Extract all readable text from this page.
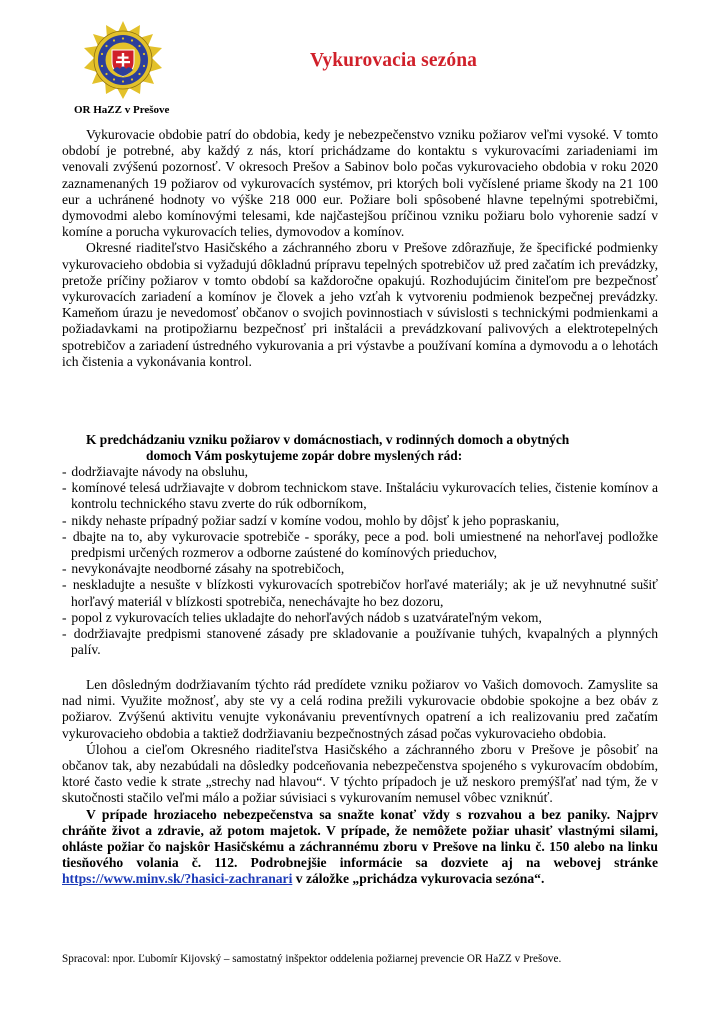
OR HaZZ v Prešove

Vykurovacia sezóna

Vykurovacie obdobie patrí do obdobia, kedy je nebezpečenstvo vzniku požiarov veľmi vysoké. V tomto období je potrebné, aby každý z nás, ktorí prichádzame do kontaktu s vykurovacími zariadeniami im venovali zvýšenú pozornosť. V okresoch Prešov a Sabinov bolo počas vykurovacieho obdobia v roku 2020 zaznamenaných 19 požiarov od vykurovacích systémov, pri ktorých boli vyčíslené priame škody na 21 100 eur a uchránené hodnoty vo výške 218 000 eur. Požiare boli spôsobené hlavne tepelnými spotrebičmi, dymovodmi alebo komínovými telesami, kde najčastejšou príčinou vzniku požiaru bolo vyhorenie sadzí v komíne a porucha vykurovacích telies, dymovodov a komínov.

Okresné riaditeľstvo Hasičského a záchranného zboru v Prešove zdôrazňuje, že špecifické podmienky vykurovacieho obdobia si vyžadujú dôkladnú prípravu tepelných spotrebičov už pred začatím ich prevádzky, pretože príčiny požiarov v tomto období sa každoročne opakujú. Rozhodujúcim činiteľom pre bezpečnosť vykurovacích zariadení a komínov je človek a jeho vzťah k vytvoreniu podmienok bezpečnej prevádzky. Kameňom úrazu je nevedomosť občanov o svojich povinnostiach v súvislosti s technickými podmienkami a požiadavkami na protipožiarnu bezpečnosť pri inštalácii a prevádzkovaní palivových a elektrotepelných spotrebičov a zariadení ústredného vykurovania a pri výstavbe a používaní komína a dymovodu a o lehotách ich čistenia a vykonávania kontrol.

K predchádzaniu vzniku požiarov v domácnostiach, v rodinných domoch a obytných
domoch Vám poskytujeme zopár dobre myslených rád:
- dodržiavajte návody na obsluhu,
- komínové telesá udržiavajte v dobrom technickom stave. Inštaláciu vykurovacích telies, čistenie komínov a kontrolu technického stavu zverte do rúk odborníkom,
- nikdy nehaste prípadný požiar sadzí v komíne vodou, mohlo by dôjsť k jeho popraskaniu,
- dbajte na to, aby vykurovacie spotrebiče - sporáky, pece a pod. boli umiestnené na nehorľavej podložke predpismi určených rozmerov a odborne zaústené do komínových prieduchov,
- nevykonávajte neodborné zásahy na spotrebičoch,
- neskladujte a nesušte v blízkosti vykurovacích spotrebičov horľavé materiály; ak je už nevyhnutné sušiť horľavý materiál v blízkosti spotrebiča, nenechávajte ho bez dozoru,
- popol z vykurovacích telies ukladajte do nehorľavých nádob s uzatvárateľným vekom,
- dodržiavajte predpismi stanovené zásady pre skladovanie a používanie tuhých, kvapalných a plynných palív.

Len dôsledným dodržiavaním týchto rád predídete vzniku požiarov vo Vašich domovoch. Zamyslite sa nad nimi. Využite možnosť, aby ste vy a celá rodina prežili vykurovacie obdobie spokojne a bez obáv z požiarov. Zvýšenú aktivitu venujte vykonávaniu preventívnych opatrení a ich realizovaniu pred začatím vykurovacieho obdobia a taktiež dodržiavaniu bezpečnostných zásad počas vykurovacieho obdobia.

Úlohou a cieľom Okresného riaditeľstva Hasičského a záchranného zboru v Prešove je pôsobiť na občanov tak, aby nezabúdali na dôsledky podceňovania nebezpečenstva spojeného s vykurovacím obdobím, ktoré často vedie k strate „strechy nad hlavou“. V týchto prípadoch je už neskoro premýšľať nad tým, že v skutočnosti stačilo veľmi málo a požiar súvisiaci s vykurovaním nemusel vôbec vzniknúť.

V prípade hroziaceho nebezpečenstva sa snažte konať vždy s rozvahou a bez paniky. Najprv chráňte život a zdravie, až potom majetok. V prípade, že nemôžete požiar uhasiť vlastnými silami, ohláste požiar čo najskôr Hasičskému a záchrannému zboru v Prešove na linku č. 150 alebo na linku tiesňového volania č. 112. Podrobnejšie informácie sa dozviete aj na webovej stránke https://www.minv.sk/?hasici-zachranari v záložke „prichádza vykurovacia sezóna“.

Spracoval: npor. Ľubomír Kijovský – samostatný inšpektor oddelenia požiarnej prevencie OR HaZZ v Prešove.
